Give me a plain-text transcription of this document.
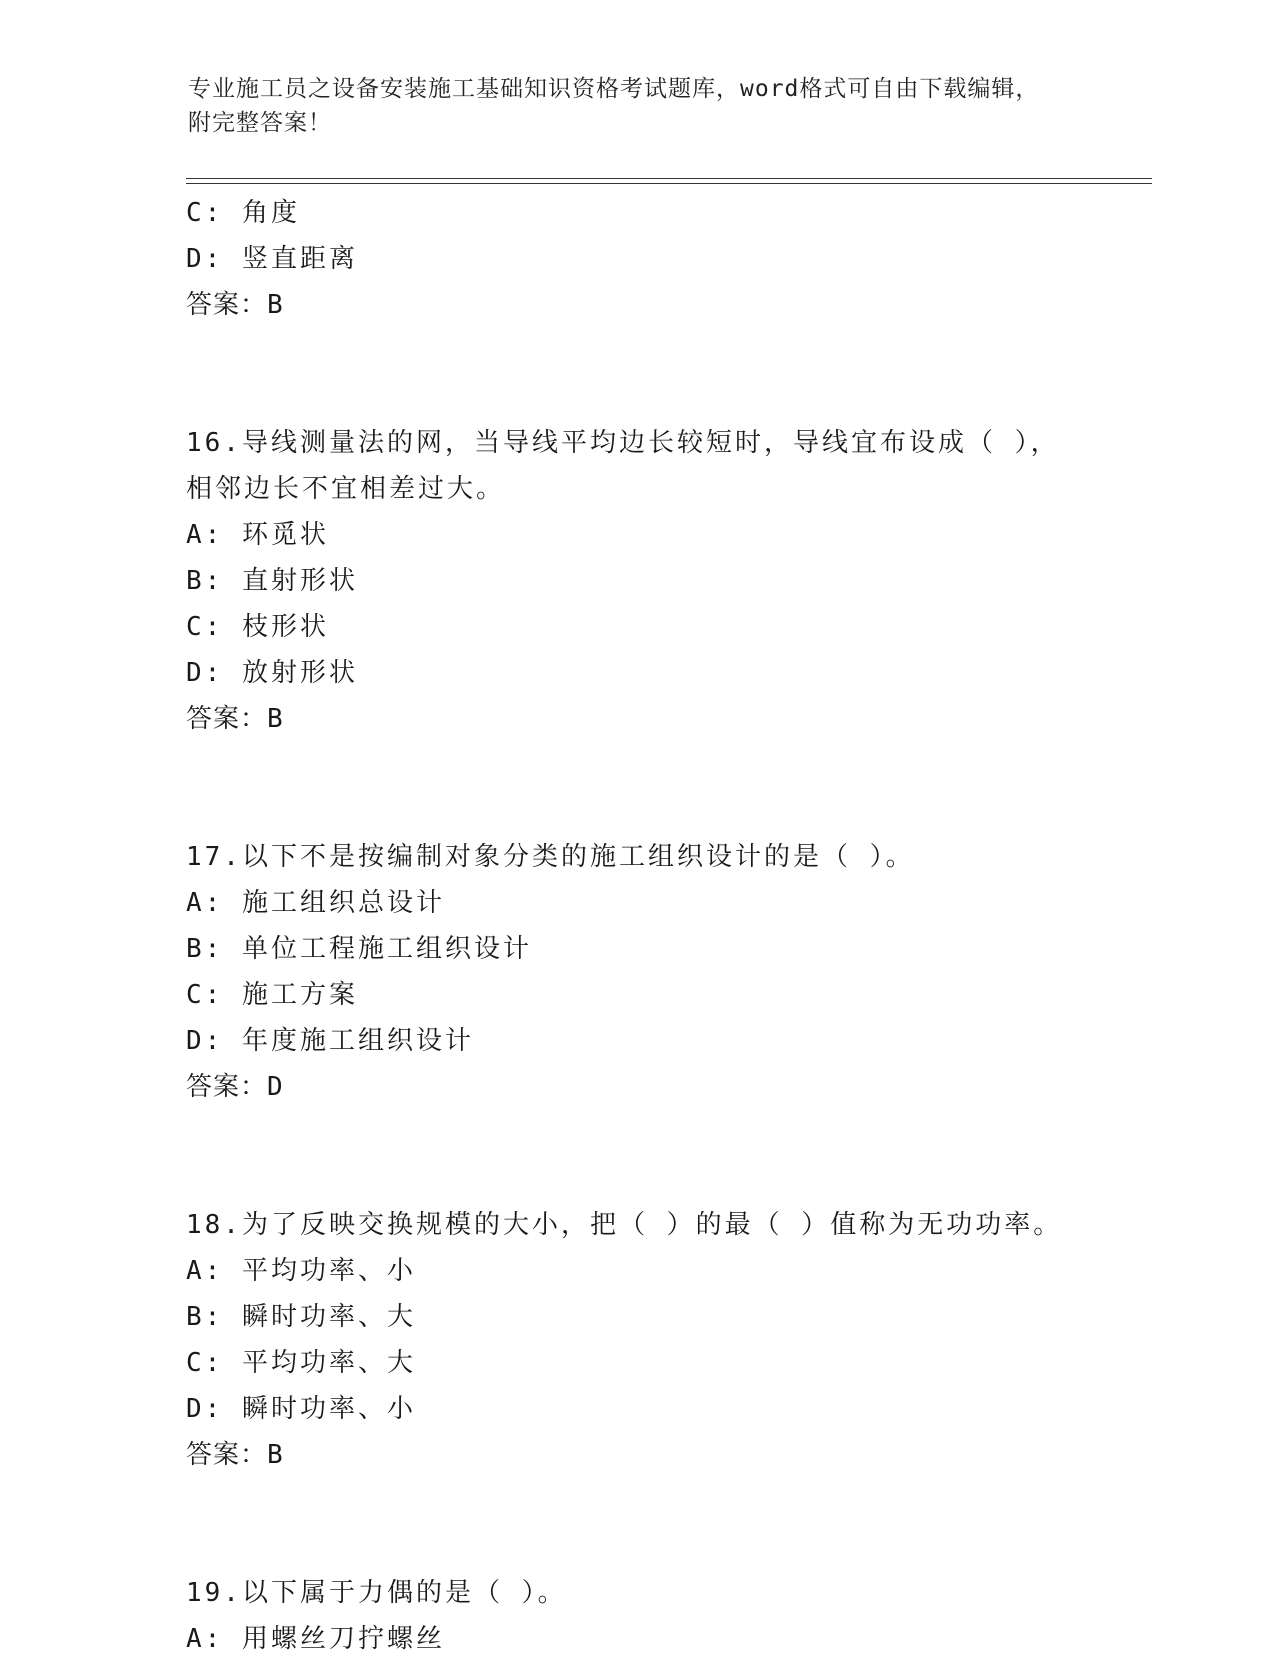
专业施工员之设备安装施工基础知识资格考试题库，word格式可自由下载编辑，
附完整答案！
C: 角度
D: 竖直距离
答案：B
16.导线测量法的网，当导线平均边长较短时，导线宜布设成（ ），
相邻边长不宜相差过大。
A: 环觅状
B: 直射形状
C: 枝形状
D: 放射形状
答案：B
17.以下不是按编制对象分类的施工组织设计的是（ ）。
A: 施工组织总设计
B: 单位工程施工组织设计
C: 施工方案
D: 年度施工组织设计
答案：D
18.为了反映交换规模的大小，把（ ）的最（ ）值称为无功功率。
A: 平均功率、小
B: 瞬时功率、大
C: 平均功率、大
D: 瞬时功率、小
答案：B
19.以下属于力偶的是（ ）。
A: 用螺丝刀拧螺丝
